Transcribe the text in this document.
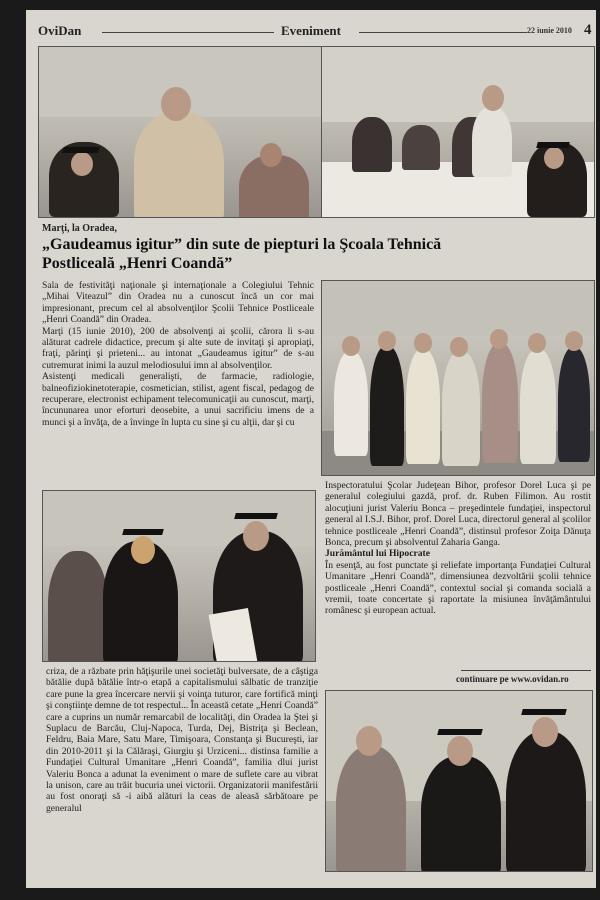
OviDan	Eveniment	22 iunie 2010 4
Marţi, la Oradea,
„Gaudeamus igitur” din sute de piepturi la Şcoala Tehnică
Postliceală „Henri Coandă”

Sala de festivităţi naţionale şi internaţionale a Colegiului Tehnic „Mihai Viteazul” din Oradea nu a cunoscut încă un cor mai impresionant, precum cel al absolvenţilor Şcolii Tehnice Postliceale „Henri Coandă” din Oradea.

Marţi (15 iunie 2010), 200 de absolvenţi ai şcolii, cărora li s-au alăturat cadrele didactice, precum şi alte sute de invitaţi şi apropiaţi, fraţi, părinţi şi prieteni... au intonat „Gaudeamus igitur” de s-au cutremurat inimi la auzul melodiosului imn al absolvenţilor.

Asistenţi medicali generalişti, de farmacie, radiologie, balneofiziokinetoterapie, cosmetician, stilist, agent fiscal, pedagog de recuperare, electronist echipament telecomunicaţii au cunoscut, marţi, încununarea unor eforturi deosebite, a unui sacrificiu imens de a munci şi a învăţa, de a învinge în lupta cu sine şi cu alţii, dar şi cu

Inspectoratului Şcolar Judeţean Bihor, profesor Dorel Luca şi pe generalul colegiului gazdă, prof. dr. Ruben Filimon. Au rostit alocuţiuni jurist Valeriu Bonca – preşedintele fundaţiei, inspectorul general al I.S.J. Bihor, prof. Dorel Luca, directorul general al şcolilor tehnice postliceale „Henri Coandă”, distinsul profesor Zoiţa Dănuţa Bonca, precum şi absolventul Zaharia Ganga.

Jurământul lui Hipocrate

În esenţă, au fost punctate şi reliefate importanţa Fundaţiei Cultural Umanitare „Henri Coandă”, dimensiunea dezvoltării şcolii tehnice postliceale „Henri Coandă”, contextul social şi comanda socială a vremii, toate concertate şi raportate la misiunea învăţământului românesc şi european actual.

continuare pe www.ovidan.ro

criza, de a răzbate prin hăţişurile unei societăţi bulversate, de a câştiga bătălie după bătălie într-o etapă a capitalismului sălbatic de tranziţie care pune la grea încercare nervii şi voinţa tuturor, care fortifică minţi şi conştiinţe demne de tot respectul... În această cetate „Henri Coandă” care a cuprins un număr remarcabil de localităţi, din Oradea la Ştei şi Suplacu de Barcău, Cluj-Napoca, Turda, Dej, Bistriţa şi Beclean, Feldru, Baia Mare, Satu Mare, Timişoara, Constanţa şi Bucureşti, iar din 2010-2011 şi la Călăraşi, Giurgiu şi Urziceni... distinsa familie a Fundaţiei Cultural Umanitare „Henri Coandă”, familia dlui jurist Valeriu Bonca a adunat la eveniment o mare de suflete care au vibrat la unison, care au trăit bucuria unei victorii. Organizatorii manifestării au fost onoraţi să -i aibă alături la ceas de aleasă sărbătoare pe generalul
